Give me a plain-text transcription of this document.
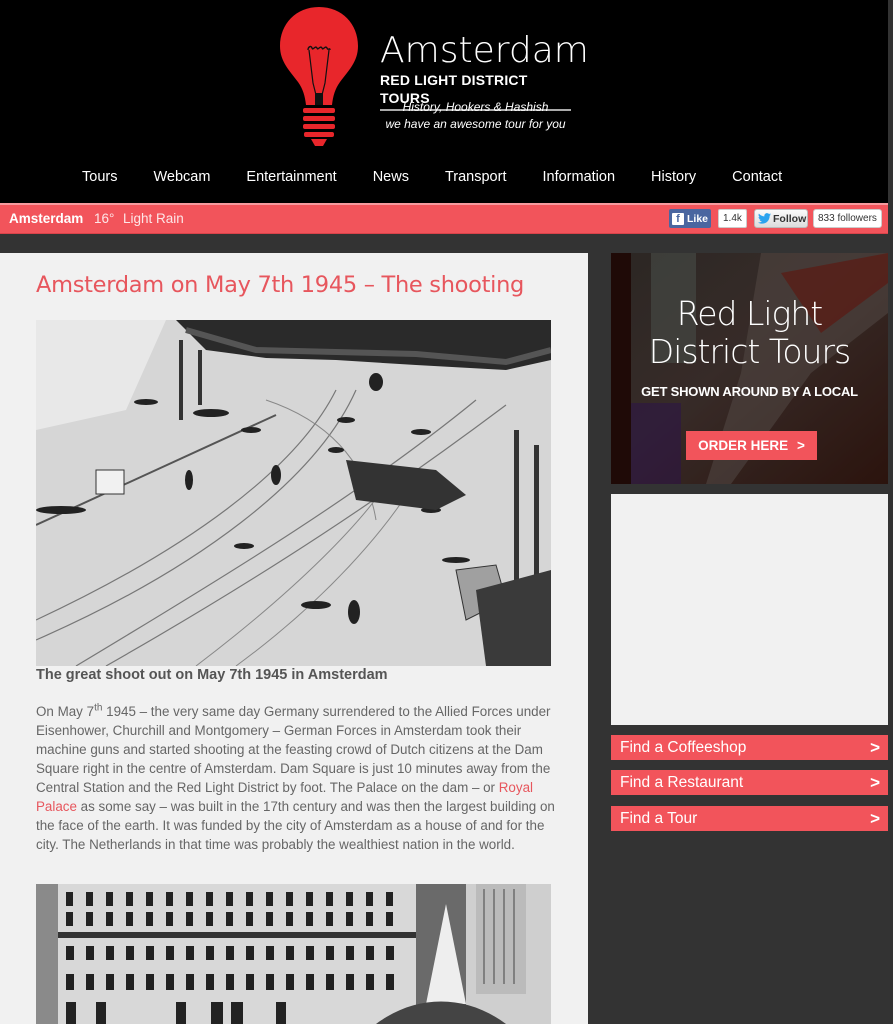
Amsterdam
RED LIGHT DISTRICT TOURS
History, Hookers & Hashish
we have an awesome tour for you
Tours	Webcam	Entertainment	News	Transport	Information	History	Contact
Amsterdam 16° Light Rain	f Like	1.4k	Follow	833 followers
Amsterdam on May 7th 1945 – The shooting
The great shoot out on May 7th 1945 in Amsterdam

On May 7th 1945 – the very same day Germany surrendered to the Allied Forces under Eisenhower, Churchill and Montgomery – German Forces in Amsterdam took their machine guns and started shooting at the feasting crowd of Dutch citizens at the Dam Square right in the centre of Amsterdam. Dam Square is just 10 minutes away from the Central Station and the Red Light District by foot. The Palace on the dam – or Royal Palace as some say – was built in the 17th century and was then the largest building on the face of the earth. It was funded by the city of Amsterdam as a house of and for the city. The Netherlands in that time was probably the wealthiest nation in the world.

Red Light
District Tours
GET SHOWN AROUND BY A LOCAL
ORDER HERE >
Find a Coffeeshop	>
Find a Restaurant	>
Find a Tour	>
